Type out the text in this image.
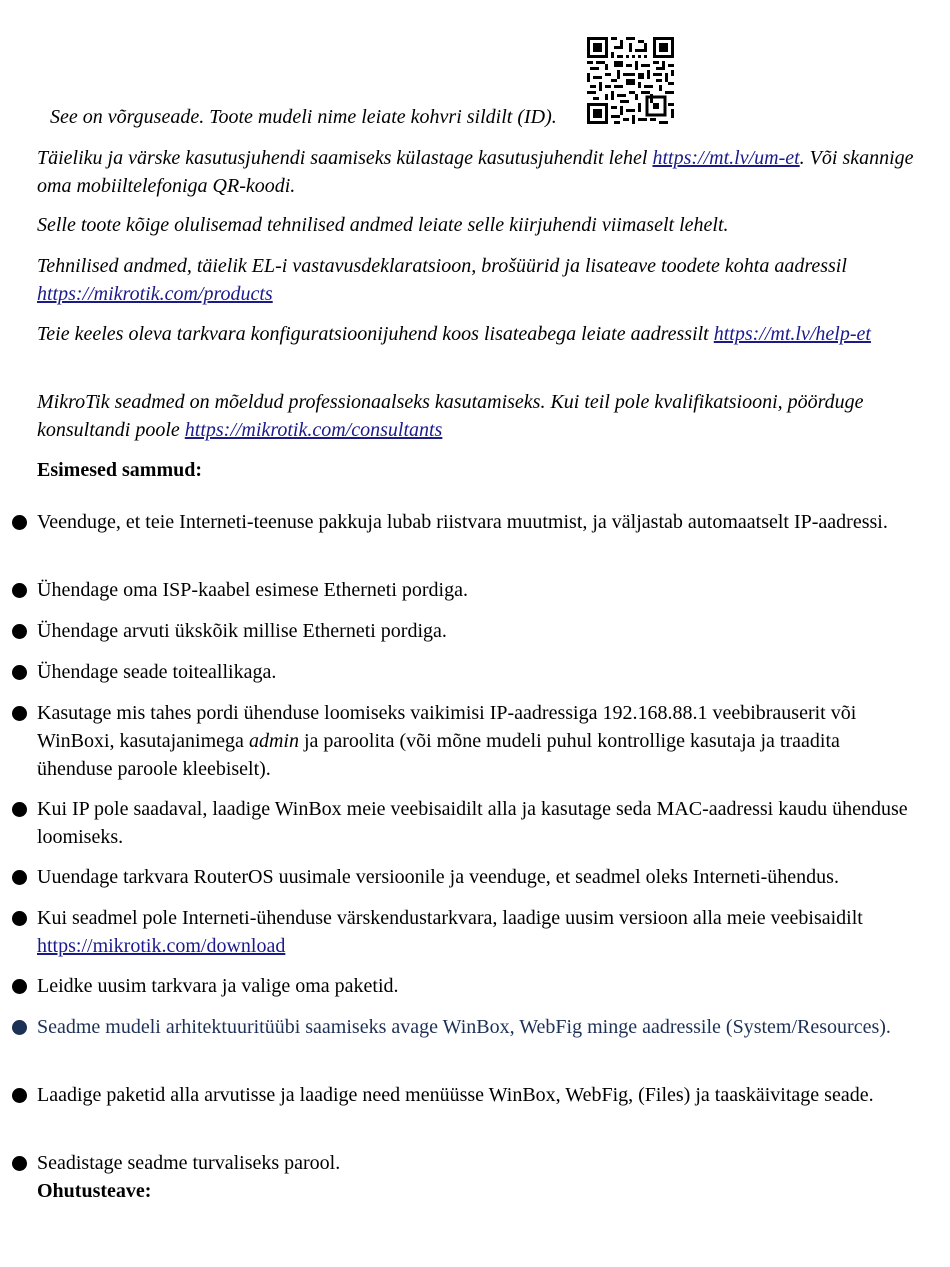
See on võrguseade. Toote mudeli nime leiate kohvri sildilt (ID).
Täieliku ja värske kasutusjuhendi saamiseks külastage kasutusjuhendit lehel https://mt.lv/um-et. Või skannige oma mobiiltelefoniga QR-koodi.
Selle toote kõige olulisemad tehnilised andmed leiate selle kiirjuhendi viimaselt lehelt.
Tehnilised andmed, täielik EL-i vastavusdeklaratsioon, brošüürid ja lisateave toodete kohta aadressil https://mikrotik.com/products
Teie keeles oleva tarkvara konfiguratsioonijuhend koos lisateabega leiate aadressilt https://mt.lv/help-et
MikroTik seadmed on mõeldud professionaalseks kasutamiseks. Kui teil pole kvalifikatsiooni, pöörduge konsultandi poole https://mikrotik.com/consultants
Esimesed sammud:
Veenduge, et teie Interneti-teenuse pakkuja lubab riistvara muutmist, ja väljastab automaatselt IP-aadressi.
Ühendage oma ISP-kaabel esimese Etherneti pordiga.
Ühendage arvuti ükskõik millise Etherneti pordiga.
Ühendage seade toiteallikaga.
Kasutage mis tahes pordi ühenduse loomiseks vaikimisi IP-aadressiga 192.168.88.1 veebibrauserit või WinBoxi, kasutajanimega admin ja paroolita (või mõne mudeli puhul kontrollige kasutaja ja traadita ühenduse paroole kleebiselt).
Kui IP pole saadaval, laadige WinBox meie veebisaidilt alla ja kasutage seda MAC-aadressi kaudu ühenduse loomiseks.
Uuendage tarkvara RouterOS uusimale versioonile ja veenduge, et seadmel oleks Interneti-ühendus.
Kui seadmel pole Interneti-ühenduse värskendustarkvara, laadige uusim versioon alla meie veebisaidilt https://mikrotik.com/download
Leidke uusim tarkvara ja valige oma paketid.
Seadme mudeli arhitektuuritüübi saamiseks avage WinBox, WebFig minge aadressile (System/Resources).
Laadige paketid alla arvutisse ja laadige need menüüsse WinBox, WebFig, (Files) ja taaskäivitage seade.
Seadistage seadme turvaliseks parool.
Ohutusteave:
